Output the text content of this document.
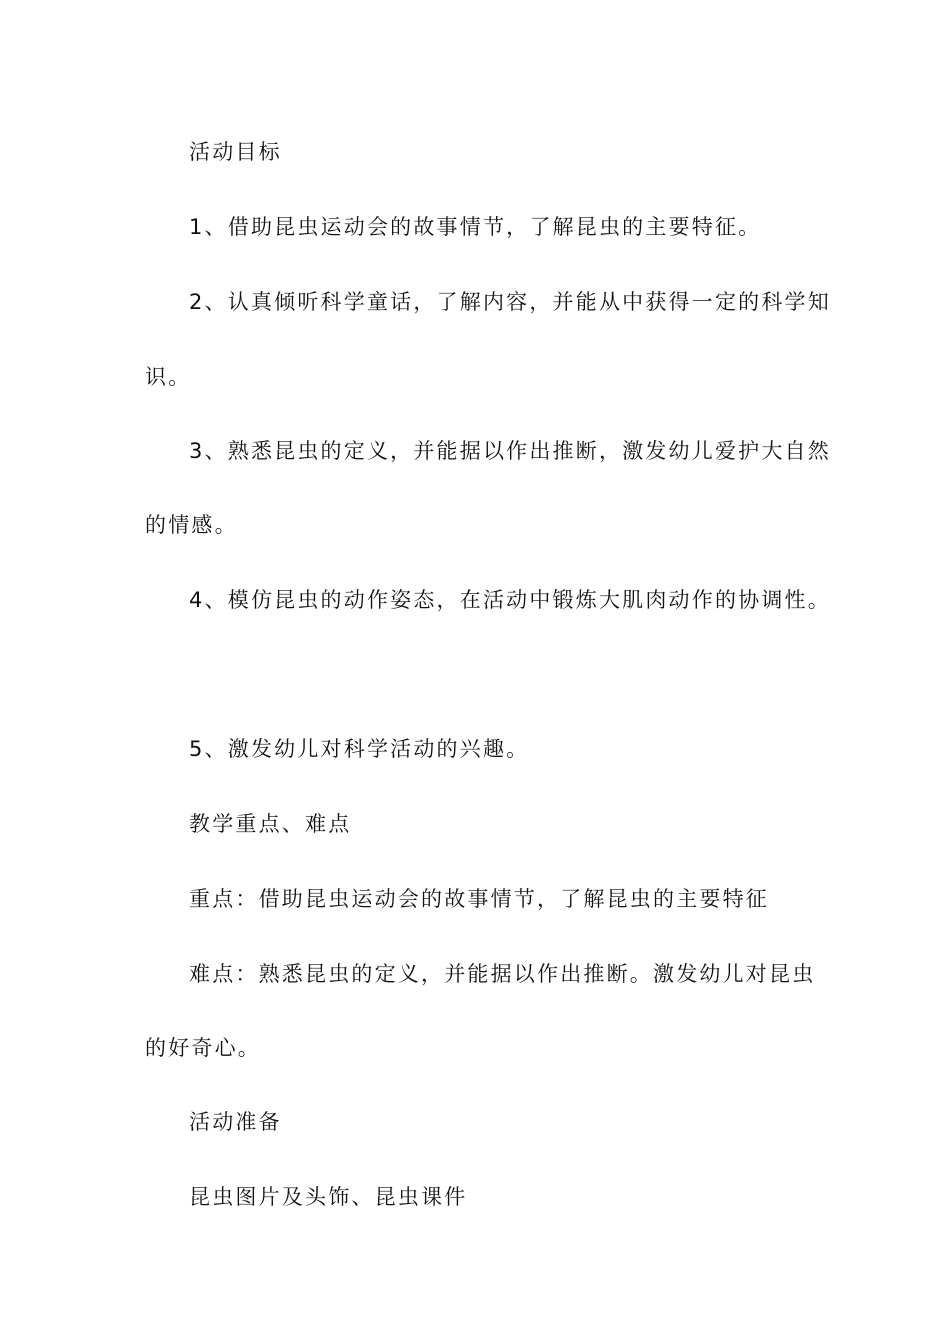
活动目标
1、借助昆虫运动会的故事情节，了解昆虫的主要特征。
2、认真倾听科学童话，了解内容，并能从中获得一定的科学知
识。
3、熟悉昆虫的定义，并能据以作出推断，激发幼儿爱护大自然
的情感。
4、模仿昆虫的动作姿态，在活动中锻炼大肌肉动作的协调性。
5、激发幼儿对科学活动的兴趣。
教学重点、难点
重点：借助昆虫运动会的故事情节，了解昆虫的主要特征
难点：熟悉昆虫的定义，并能据以作出推断。激发幼儿对昆虫
的好奇心。
活动准备
昆虫图片及头饰、昆虫课件
